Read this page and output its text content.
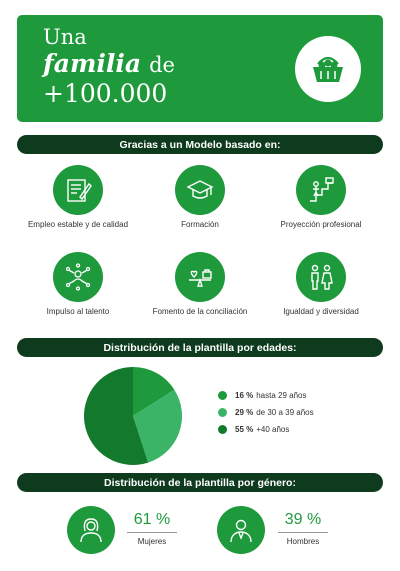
Una
familia de
+100.000
Gracias a un Modelo basado en:
Empleo estable y de calidad	Formación	Proyección profesional
Impulso al talento	Fomento de la conciliación	Igualdad y diversidad
Distribución de la plantilla por edades:
16 % hasta 29 años
29 % de 30 a 39 años
55 % +40 años
Distribución de la plantilla por género:
61 %
Mujeres
39 %
Hombres
